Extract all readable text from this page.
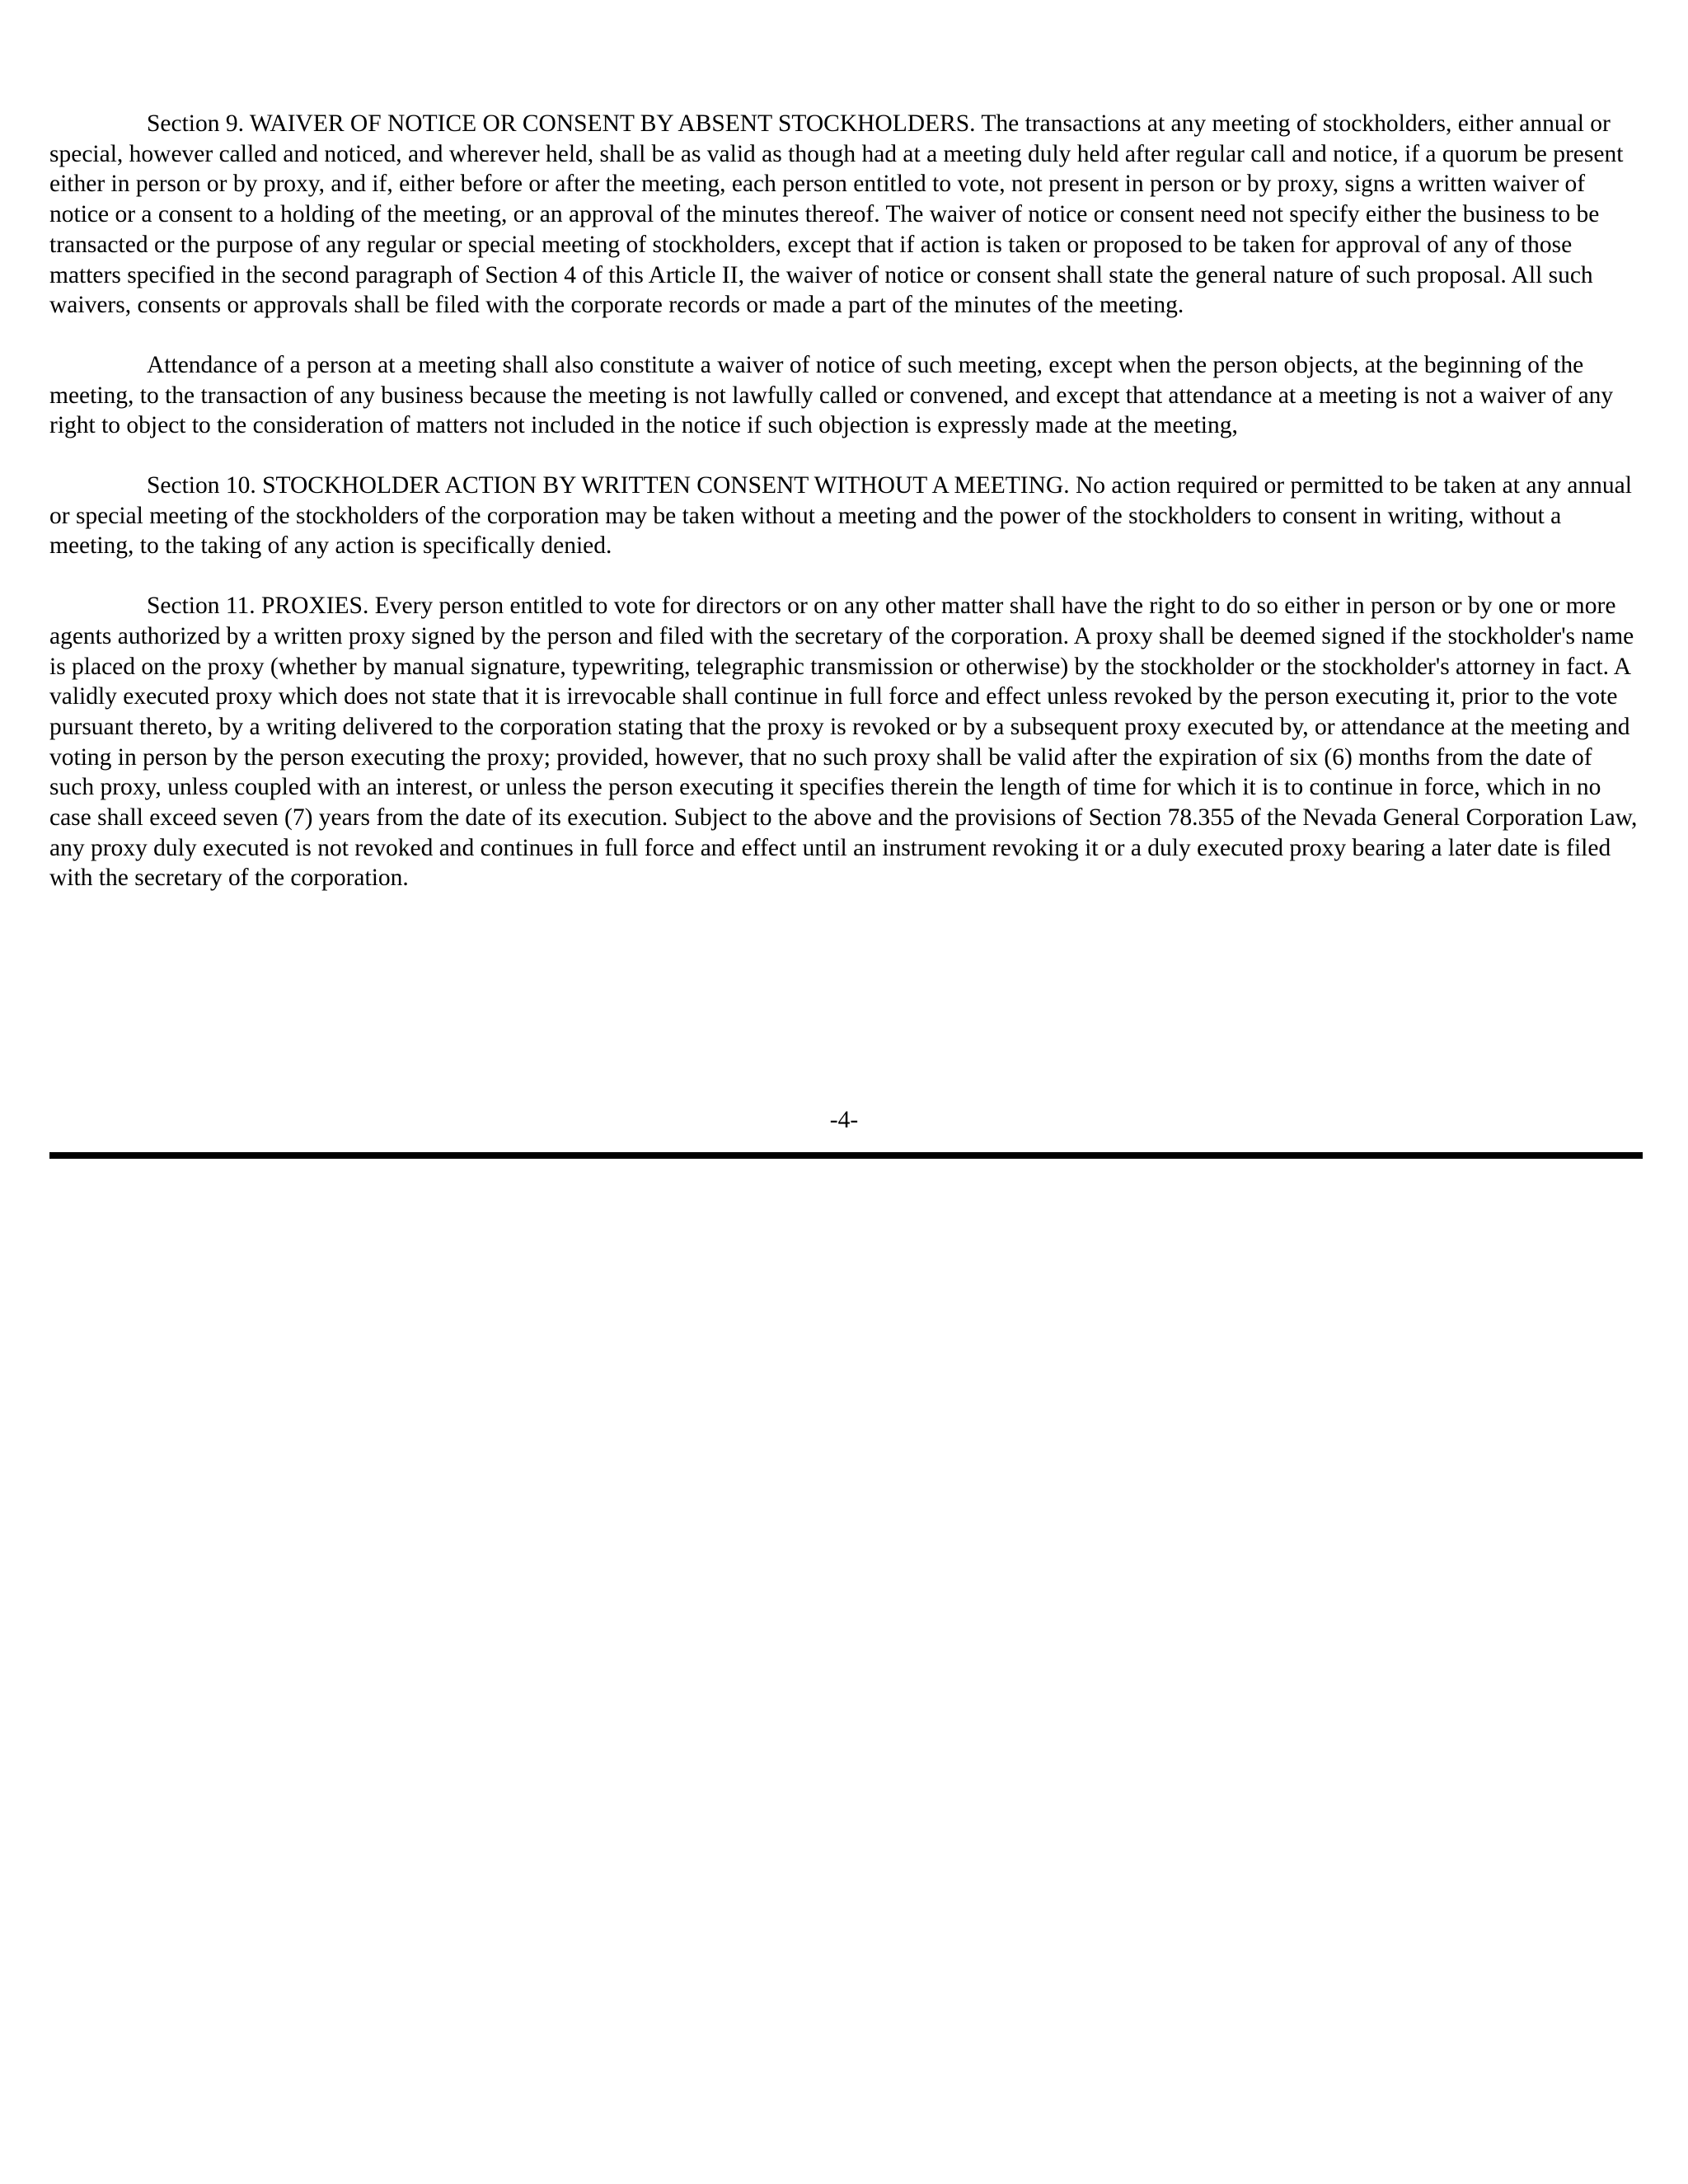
Section 9. WAIVER OF NOTICE OR CONSENT BY ABSENT STOCKHOLDERS. The transactions at any meeting of stockholders, either annual or special, however called and noticed, and wherever held, shall be as valid as though had at a meeting duly held after regular call and notice, if a quorum be present either in person or by proxy, and if, either before or after the meeting, each person entitled to vote, not present in person or by proxy, signs a written waiver of notice or a consent to a holding of the meeting, or an approval of the minutes thereof. The waiver of notice or consent need not specify either the business to be transacted or the purpose of any regular or special meeting of stockholders, except that if action is taken or proposed to be taken for approval of any of those matters specified in the second paragraph of Section 4 of this Article II, the waiver of notice or consent shall state the general nature of such proposal. All such waivers, consents or approvals shall be filed with the corporate records or made a part of the minutes of the meeting.

Attendance of a person at a meeting shall also constitute a waiver of notice of such meeting, except when the person objects, at the beginning of the meeting, to the transaction of any business because the meeting is not lawfully called or convened, and except that attendance at a meeting is not a waiver of any right to object to the consideration of matters not included in the notice if such objection is expressly made at the meeting,

Section 10. STOCKHOLDER ACTION BY WRITTEN CONSENT WITHOUT A MEETING. No action required or permitted to be taken at any annual or special meeting of the stockholders of the corporation may be taken without a meeting and the power of the stockholders to consent in writing, without a meeting, to the taking of any action is specifically denied.

Section 11. PROXIES. Every person entitled to vote for directors or on any other matter shall have the right to do so either in person or by one or more agents authorized by a written proxy signed by the person and filed with the secretary of the corporation. A proxy shall be deemed signed if the stockholder's name is placed on the proxy (whether by manual signature, typewriting, telegraphic transmission or otherwise) by the stockholder or the stockholder's attorney in fact. A validly executed proxy which does not state that it is irrevocable shall continue in full force and effect unless revoked by the person executing it, prior to the vote pursuant thereto, by a writing delivered to the corporation stating that the proxy is revoked or by a subsequent proxy executed by, or attendance at the meeting and voting in person by the person executing the proxy; provided, however, that no such proxy shall be valid after the expiration of six (6) months from the date of such proxy, unless coupled with an interest, or unless the person executing it specifies therein the length of time for which it is to continue in force, which in no case shall exceed seven (7) years from the date of its execution. Subject to the above and the provisions of Section 78.355 of the Nevada General Corporation Law, any proxy duly executed is not revoked and continues in full force and effect until an instrument revoking it or a duly executed proxy bearing a later date is filed with the secretary of the corporation.

-4-
